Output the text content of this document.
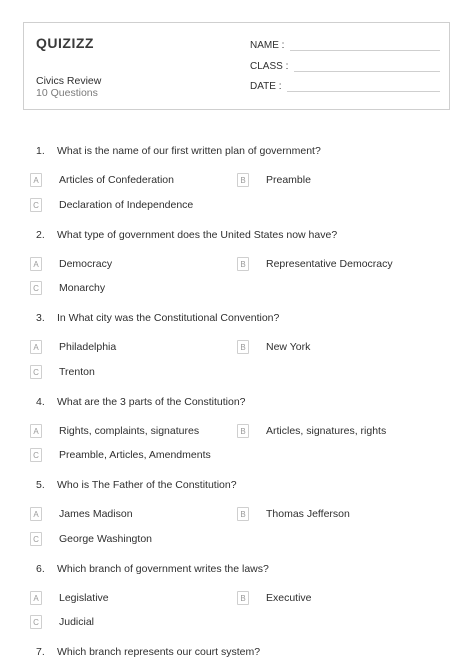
QUIZIZZ
Civics Review
10 Questions
NAME :
CLASS :
DATE :
1.	What is the name of our first written plan of government?
A	Articles of Confederation	B	Preamble
C Declaration of Independence
2.	What type of government does the United States now have?
A	Democracy	B	Representative Democracy
C Monarchy
3.	In What city was the Constitutional Convention?
A	Philadelphia	B	New York
C Trenton
4.	What are the 3 parts of the Constitution?
A	Rights, complaints, signatures	B	Articles, signatures, rights
C Preamble, Articles, Amendments
5.	Who is The Father of the Constitution?
A	James Madison	B	Thomas Jefferson
C George Washington
6.	Which branch of government writes the laws?
A	Legislative	B	Executive
C Judicial
7.	Which branch represents our court system?
